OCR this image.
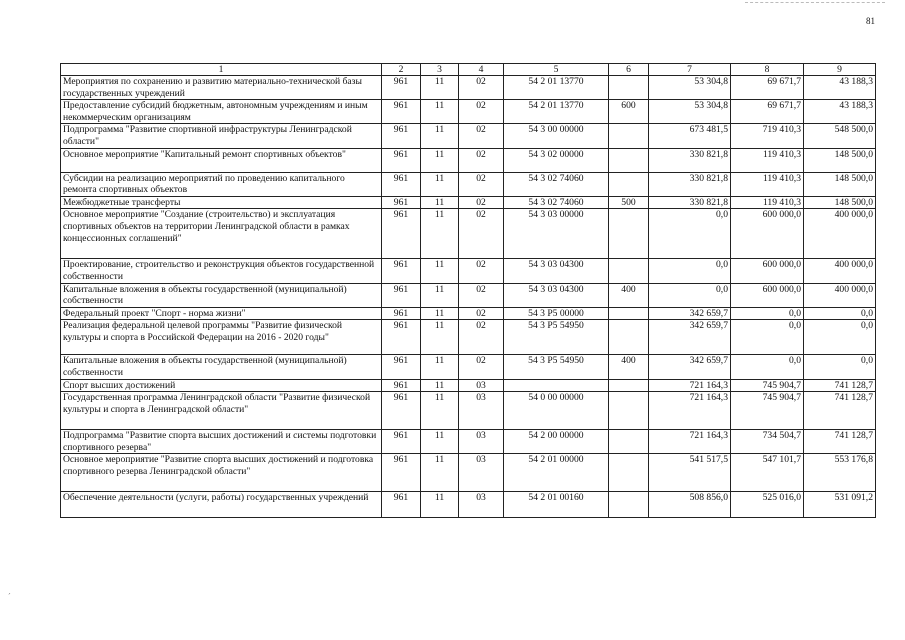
81
1	2	3	4	5	6	7	8	9
Мероприятия по сохранению и развитию материально-технической базы государственных учреждений	961	11	02	54 2 01 13770		53 304,8	69 671,7	43 188,3
Предоставление субсидий бюджетным, автономным учреждениям и иным некоммерческим организациям	961	11	02	54 2 01 13770	600	53 304,8	69 671,7	43 188,3
Подпрограмма "Развитие спортивной инфраструктуры Ленинградской области"	961	11	02	54 3 00 00000		673 481,5	719 410,3	548 500,0
Основное мероприятие "Капитальный ремонт спортивных объектов"	961	11	02	54 3 02 00000		330 821,8	119 410,3	148 500,0
Субсидии на реализацию мероприятий по проведению капитального ремонта спортивных объектов	961	11	02	54 3 02 74060		330 821,8	119 410,3	148 500,0
Межбюджетные трансферты	961	11	02	54 3 02 74060	500	330 821,8	119 410,3	148 500,0
Основное мероприятие "Создание (строительство) и эксплуатация спортивных объектов на территории Ленинградской области в рамках концессионных соглашений"	961	11	02	54 3 03 00000		0,0	600 000,0	400 000,0
Проектирование, строительство и реконструкция объектов государственной собственности	961	11	02	54 3 03 04300		0,0	600 000,0	400 000,0
Капитальные вложения в объекты государственной (муниципальной) собственности	961	11	02	54 3 03 04300	400	0,0	600 000,0	400 000,0
Федеральный проект "Спорт - норма жизни"	961	11	02	54 3 P5 00000		342 659,7	0,0	0,0
Реализация федеральной целевой программы "Развитие физической культуры и спорта в Российской Федерации на 2016 - 2020 годы"	961	11	02	54 3 P5 54950		342 659,7	0,0	0,0
Капитальные вложения в объекты государственной (муниципальной) собственности	961	11	02	54 3 P5 54950	400	342 659,7	0,0	0,0
Спорт высших достижений	961	11	03			721 164,3	745 904,7	741 128,7
Государственная программа Ленинградской области "Развитие физической культуры и спорта в Ленинградской области"	961	11	03	54 0 00 00000		721 164,3	745 904,7	741 128,7
Подпрограмма "Развитие спорта высших достижений и системы подготовки спортивного резерва"	961	11	03	54 2 00 00000		721 164,3	734 504,7	741 128,7
Основное мероприятие "Развитие спорта высших достижений и подготовка спортивного резерва Ленинградской области"	961	11	03	54 2 01 00000		541 517,5	547 101,7	553 176,8
Обеспечение деятельности (услуги, работы) государственных учреждений	961	11	03	54 2 01 00160		508 856,0	525 016,0	531 091,2
´
